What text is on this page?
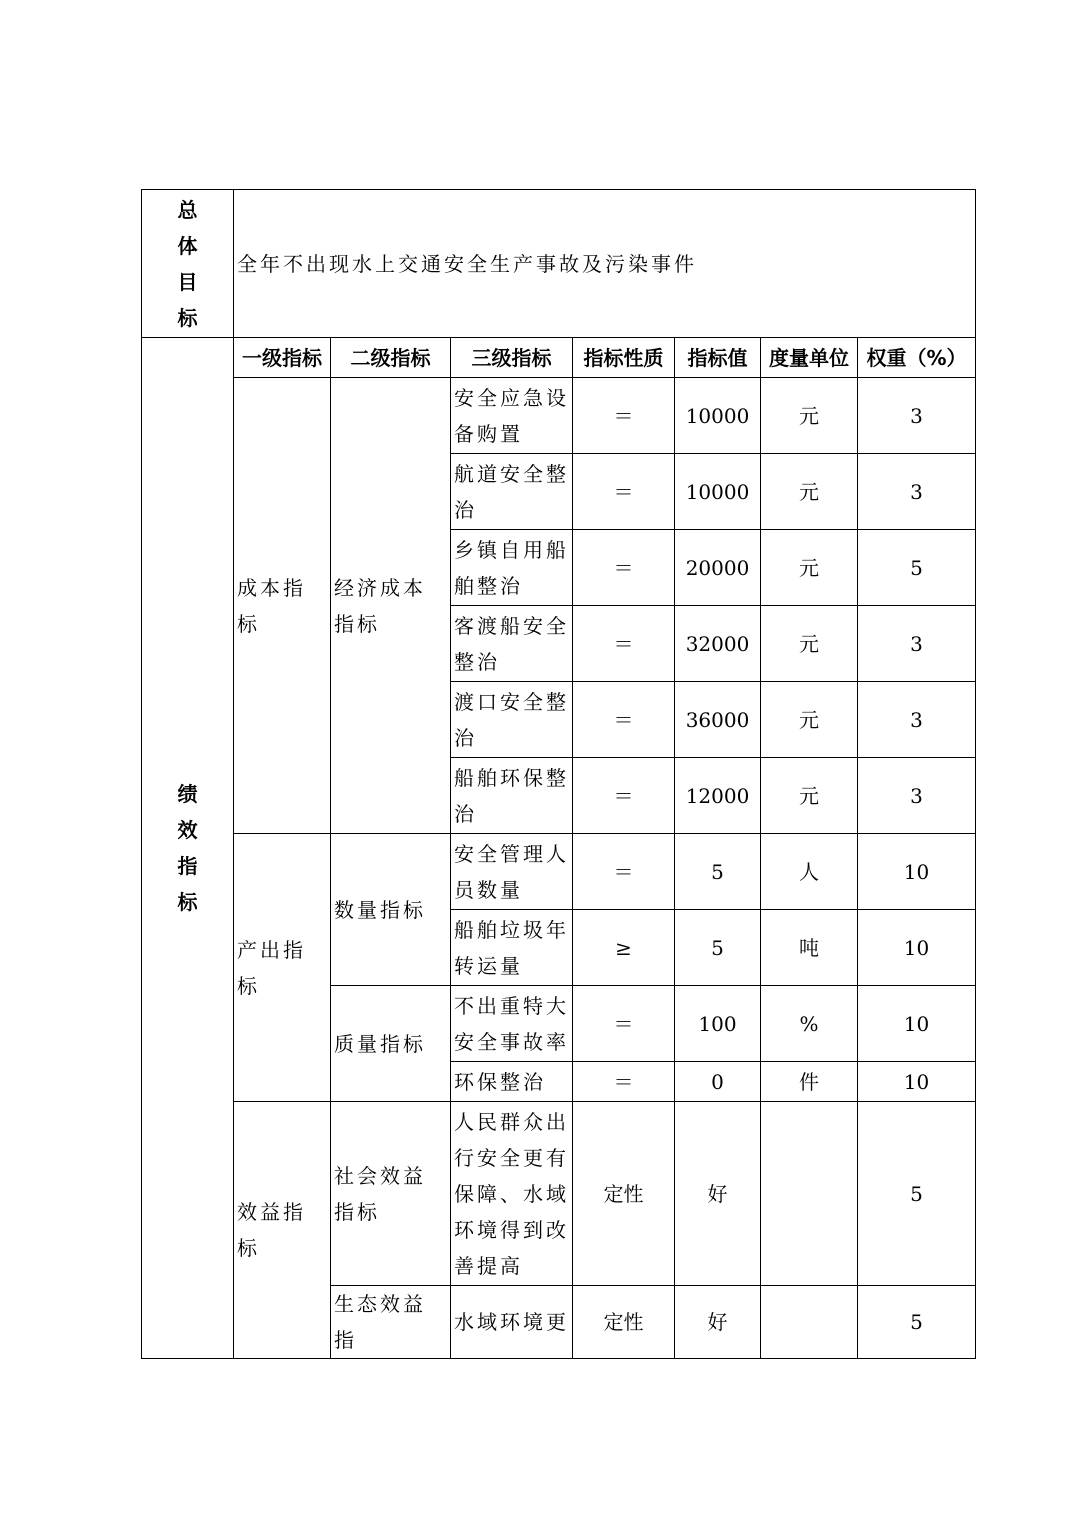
总体目标	全年不出现水上交通安全生产事故及污染事件						

绩效指标	一级指标	二级指标	三级指标	指标性质	指标值	度量单位	权重（%）
	成本指标	经济成本指标	安全应急设备购置	＝	10000	元	3
			航道安全整治	＝	10000	元	3
			乡镇自用船舶整治	＝	20000	元	5
			客渡船安全整治	＝	32000	元	3
			渡口安全整治	＝	36000	元	3
			船舶环保整治	＝	12000	元	3
	产出指标	数量指标	安全管理人员数量	＝	5	人	10
			船舶垃圾年转运量	≥	5	吨	10
		质量指标	不出重特大安全事故率	＝	100	%	10
			环保整治	＝	0	件	10
	效益指标	社会效益指标	人民群众出行安全更有保障、水域环境得到改善提高	定性	好		5
		生态效益指	水域环境更	定性	好		5
